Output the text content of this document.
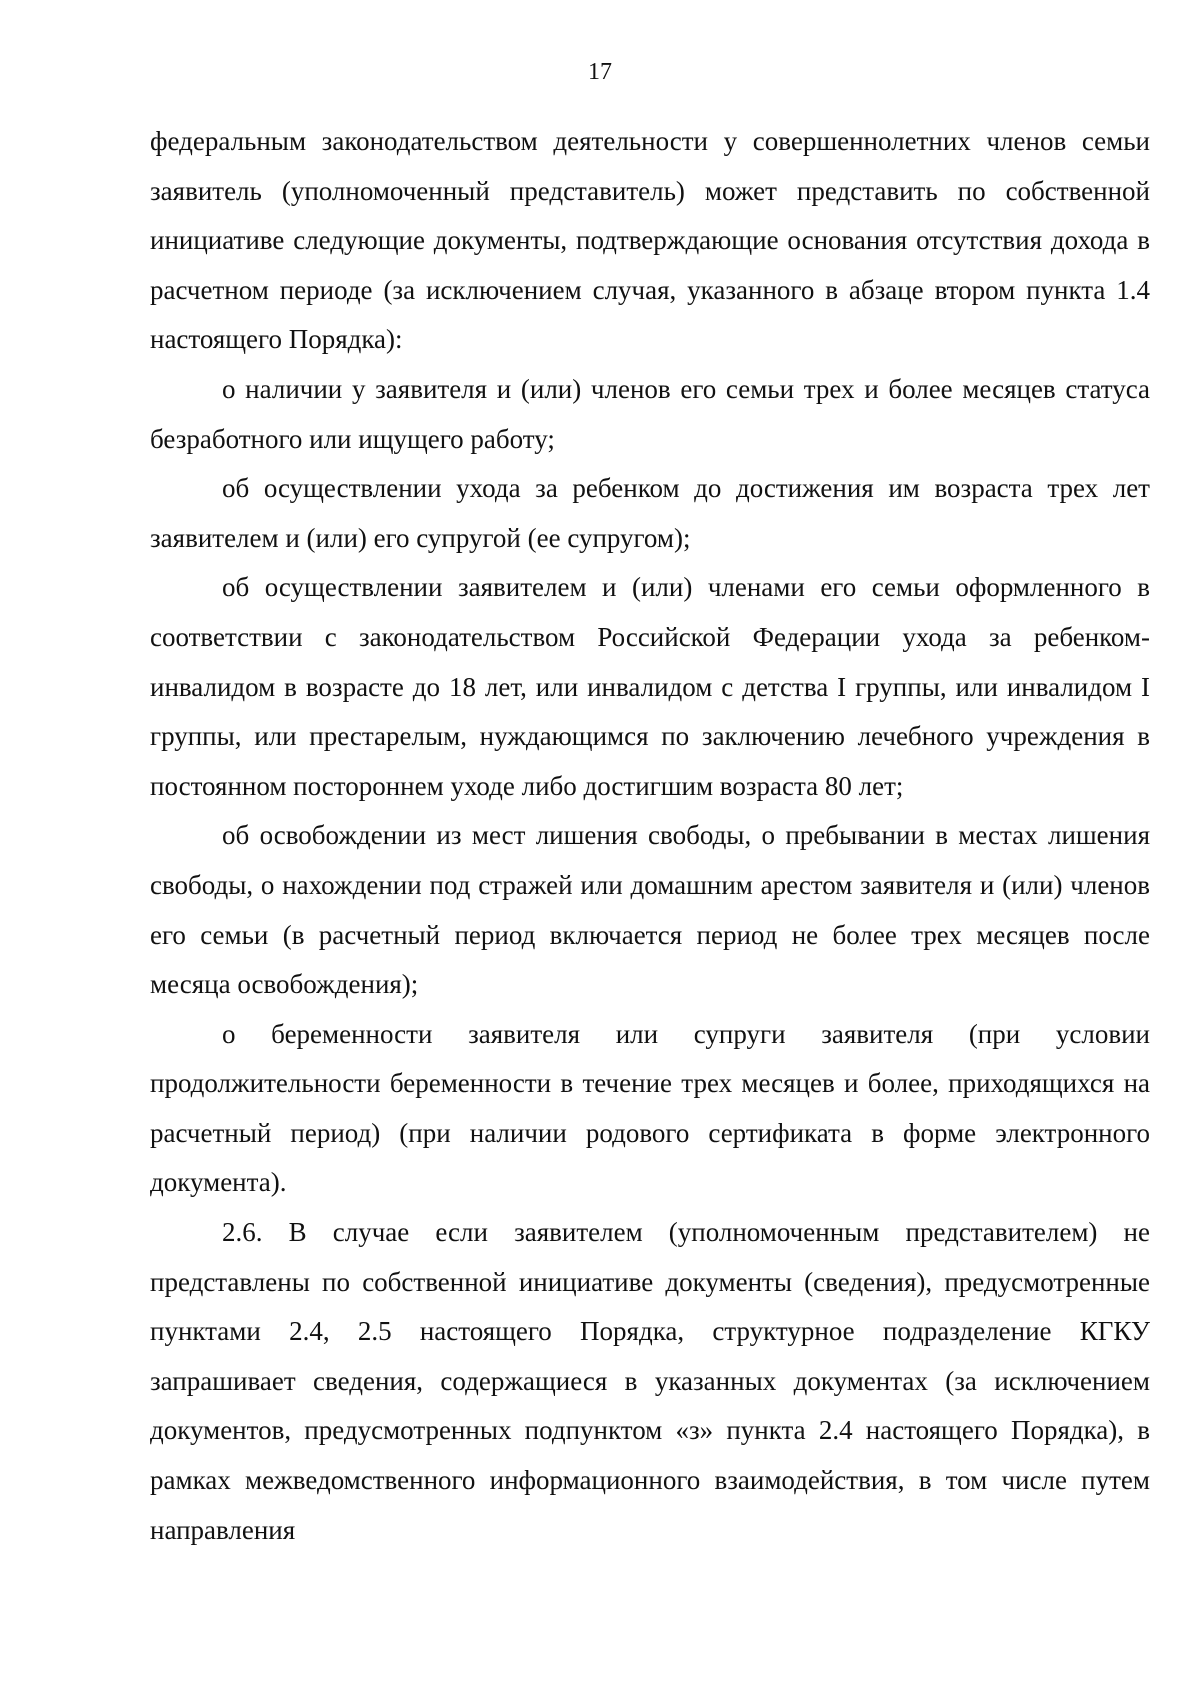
17

федеральным законодательством деятельности у совершеннолетних членов семьи заявитель (уполномоченный представитель) может представить по собственной инициативе следующие документы, подтверждающие основания отсутствия дохода в расчетном периоде (за исключением случая, указанного в абзаце втором пункта 1.4 настоящего Порядка):

о наличии у заявителя и (или) членов его семьи трех и более месяцев статуса безработного или ищущего работу;

об осуществлении ухода за ребенком до достижения им возраста трех лет заявителем и (или) его супругой (ее супругом);

об осуществлении заявителем и (или) членами его семьи оформленного в соответствии с законодательством Российской Федерации ухода за ребенком-инвалидом в возрасте до 18 лет, или инвалидом с детства I группы, или инвалидом I группы, или престарелым, нуждающимся по заключению лечебного учреждения в постоянном постороннем уходе либо достигшим возраста 80 лет;

об освобождении из мест лишения свободы, о пребывании в местах лишения свободы, о нахождении под стражей или домашним арестом заявителя и (или) членов его семьи (в расчетный период включается период не более трех месяцев после месяца освобождения);

о беременности заявителя или супруги заявителя (при условии продолжительности беременности в течение трех месяцев и более, приходящихся на расчетный период) (при наличии родового сертификата в форме электронного документа).

2.6. В случае если заявителем (уполномоченным представителем) не представлены по собственной инициативе документы (сведения), предусмотренные пунктами 2.4, 2.5 настоящего Порядка, структурное подразделение КГКУ запрашивает сведения, содержащиеся в указанных документах (за исключением документов, предусмотренных подпунктом «з» пункта 2.4 настоящего Порядка), в рамках межведомственного информационного взаимодействия, в том числе путем направления
